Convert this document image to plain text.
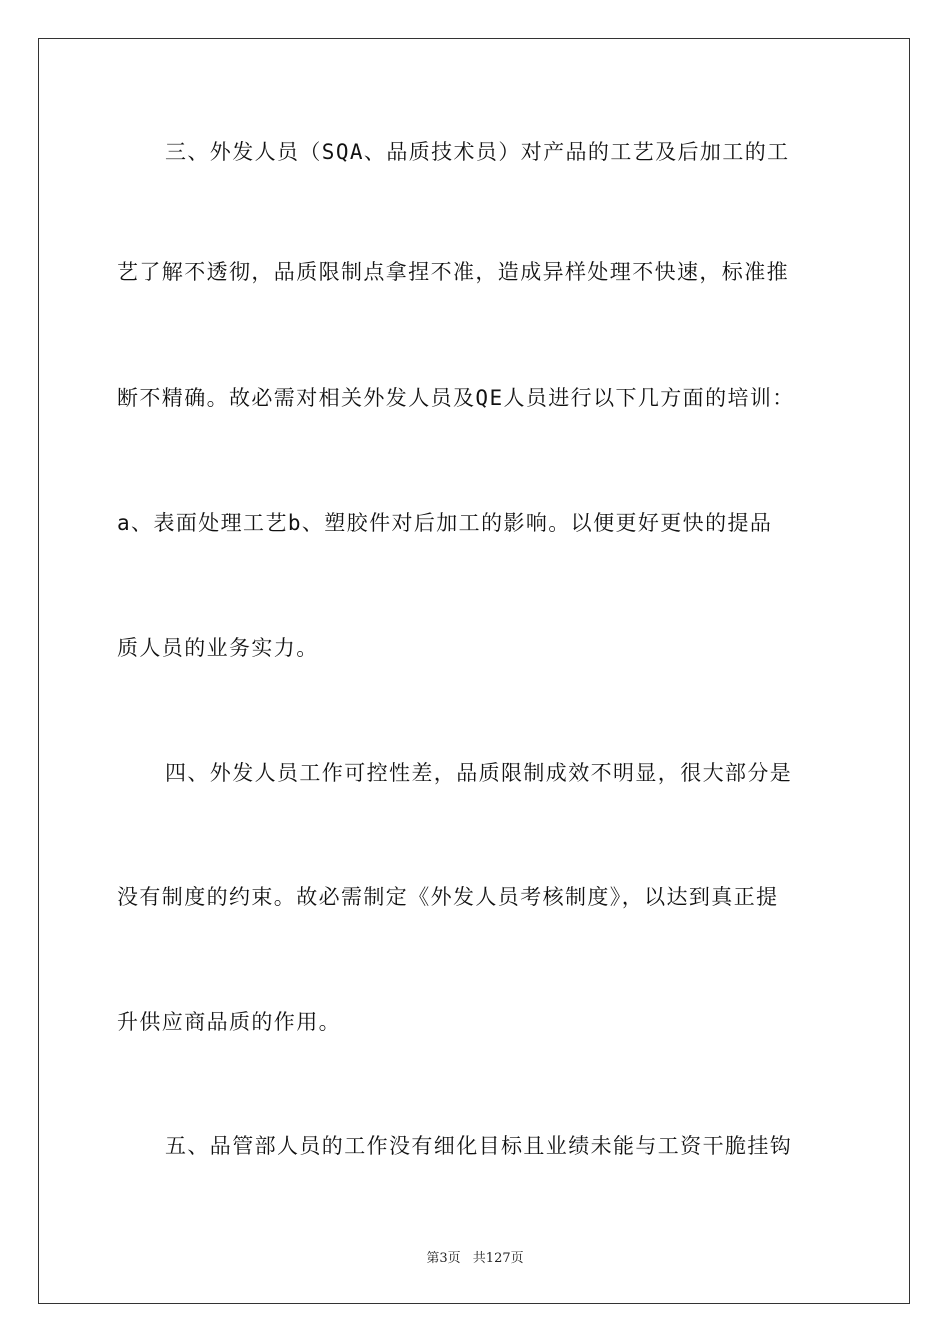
三、外发人员（SQA、品质技术员）对产品的工艺及后加工的工
艺了解不透彻，品质限制点拿捏不准，造成异样处理不快速，标准推
断不精确。故必需对相关外发人员及QE人员进行以下几方面的培训：
a、表面处理工艺b、塑胶件对后加工的影响。以便更好更快的提品
质人员的业务实力。
四、外发人员工作可控性差，品质限制成效不明显，很大部分是
没有制度的约束。故必需制定《外发人员考核制度》，以达到真正提
升供应商品质的作用。
五、品管部人员的工作没有细化目标且业绩未能与工资干脆挂钩
第3页 共127页
